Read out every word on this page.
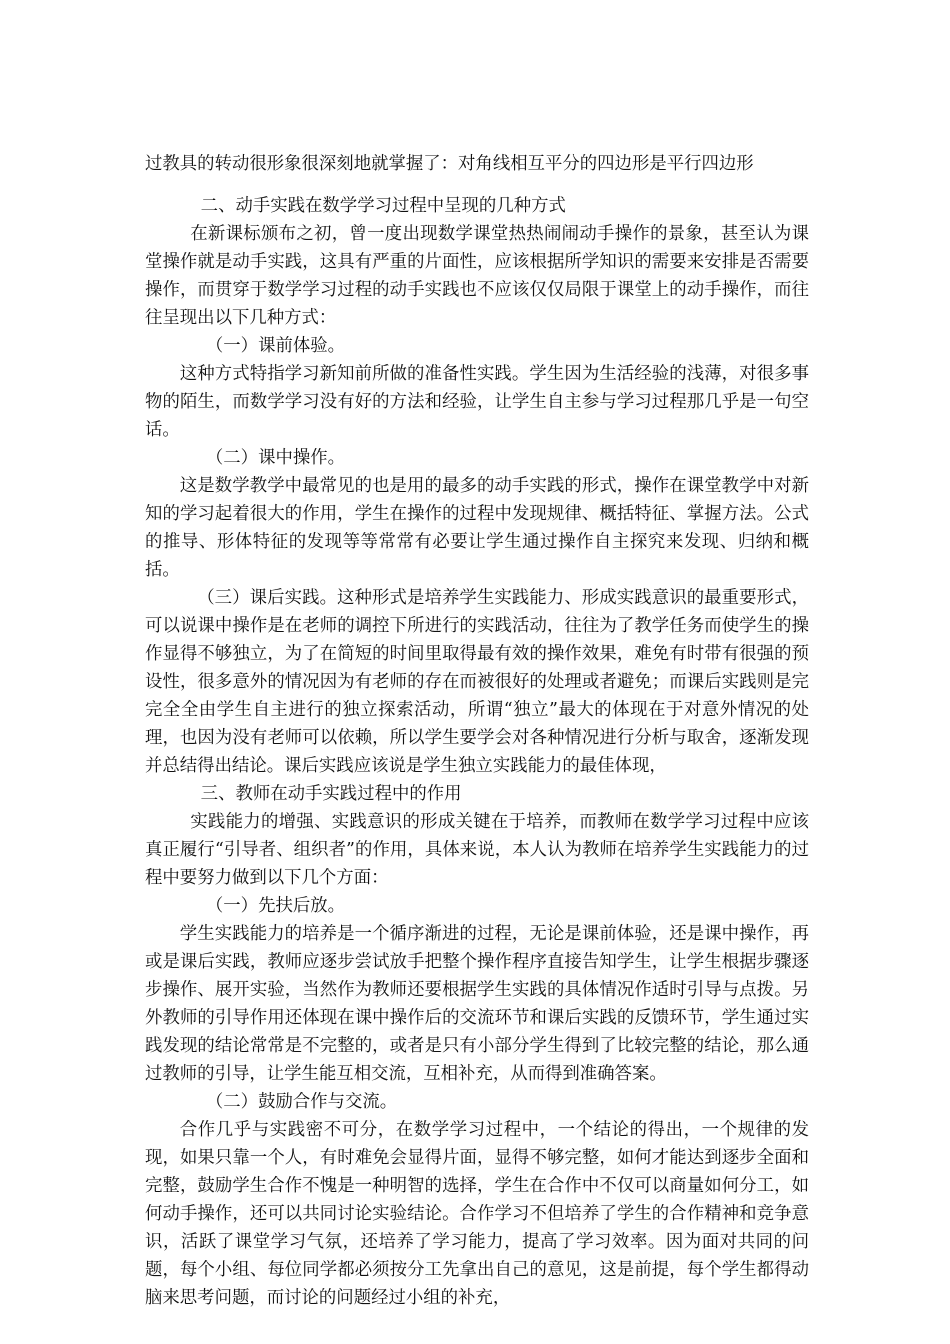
过教具的转动很形象很深刻地就掌握了：对角线相互平分的四边形是平行四边形

二、动手实践在数学学习过程中呈现的几种方式

在新课标颁布之初，曾一度出现数学课堂热热闹闹动手操作的景象，甚至认为课堂操作就是动手实践，这具有严重的片面性，应该根据所学知识的需要来安排是否需要操作，而贯穿于数学学习过程的动手实践也不应该仅仅局限于课堂上的动手操作，而往往呈现出以下几种方式：

（一）课前体验。

这种方式特指学习新知前所做的准备性实践。学生因为生活经验的浅薄，对很多事物的陌生，而数学学习没有好的方法和经验，让学生自主参与学习过程那几乎是一句空话。

（二）课中操作。

这是数学教学中最常见的也是用的最多的动手实践的形式，操作在课堂教学中对新知的学习起着很大的作用，学生在操作的过程中发现规律、概括特征、掌握方法。公式的推导、形体特征的发现等等常常有必要让学生通过操作自主探究来发现、归纳和概括。

（三）课后实践。这种形式是培养学生实践能力、形成实践意识的最重要形式，可以说课中操作是在老师的调控下所进行的实践活动，往往为了教学任务而使学生的操作显得不够独立，为了在简短的时间里取得最有效的操作效果，难免有时带有很强的预设性，很多意外的情况因为有老师的存在而被很好的处理或者避免；而课后实践则是完完全全由学生自主进行的独立探索活动，所谓“独立”最大的体现在于对意外情况的处理，也因为没有老师可以依赖，所以学生要学会对各种情况进行分析与取舍，逐渐发现并总结得出结论。课后实践应该说是学生独立实践能力的最佳体现，

三、教师在动手实践过程中的作用

实践能力的增强、实践意识的形成关键在于培养，而教师在数学学习过程中应该真正履行“引导者、组织者”的作用，具体来说，本人认为教师在培养学生实践能力的过程中要努力做到以下几个方面：

（一）先扶后放。

学生实践能力的培养是一个循序渐进的过程，无论是课前体验，还是课中操作，再或是课后实践，教师应逐步尝试放手把整个操作程序直接告知学生，让学生根据步骤逐步操作、展开实验，当然作为教师还要根据学生实践的具体情况作适时引导与点拨。另外教师的引导作用还体现在课中操作后的交流环节和课后实践的反馈环节，学生通过实践发现的结论常常是不完整的，或者是只有小部分学生得到了比较完整的结论，那么通过教师的引导，让学生能互相交流，互相补充，从而得到准确答案。

（二）鼓励合作与交流。

合作几乎与实践密不可分，在数学学习过程中，一个结论的得出，一个规律的发现，如果只靠一个人，有时难免会显得片面，显得不够完整，如何才能达到逐步全面和完整，鼓励学生合作不愧是一种明智的选择，学生在合作中不仅可以商量如何分工，如何动手操作，还可以共同讨论实验结论。合作学习不但培养了学生的合作精神和竞争意识，活跃了课堂学习气氛，还培养了学习能力，提高了学习效率。因为面对共同的问题，每个小组、每位同学都必须按分工先拿出自己的意见，这是前提，每个学生都得动脑来思考问题，而讨论的问题经过小组的补充，
